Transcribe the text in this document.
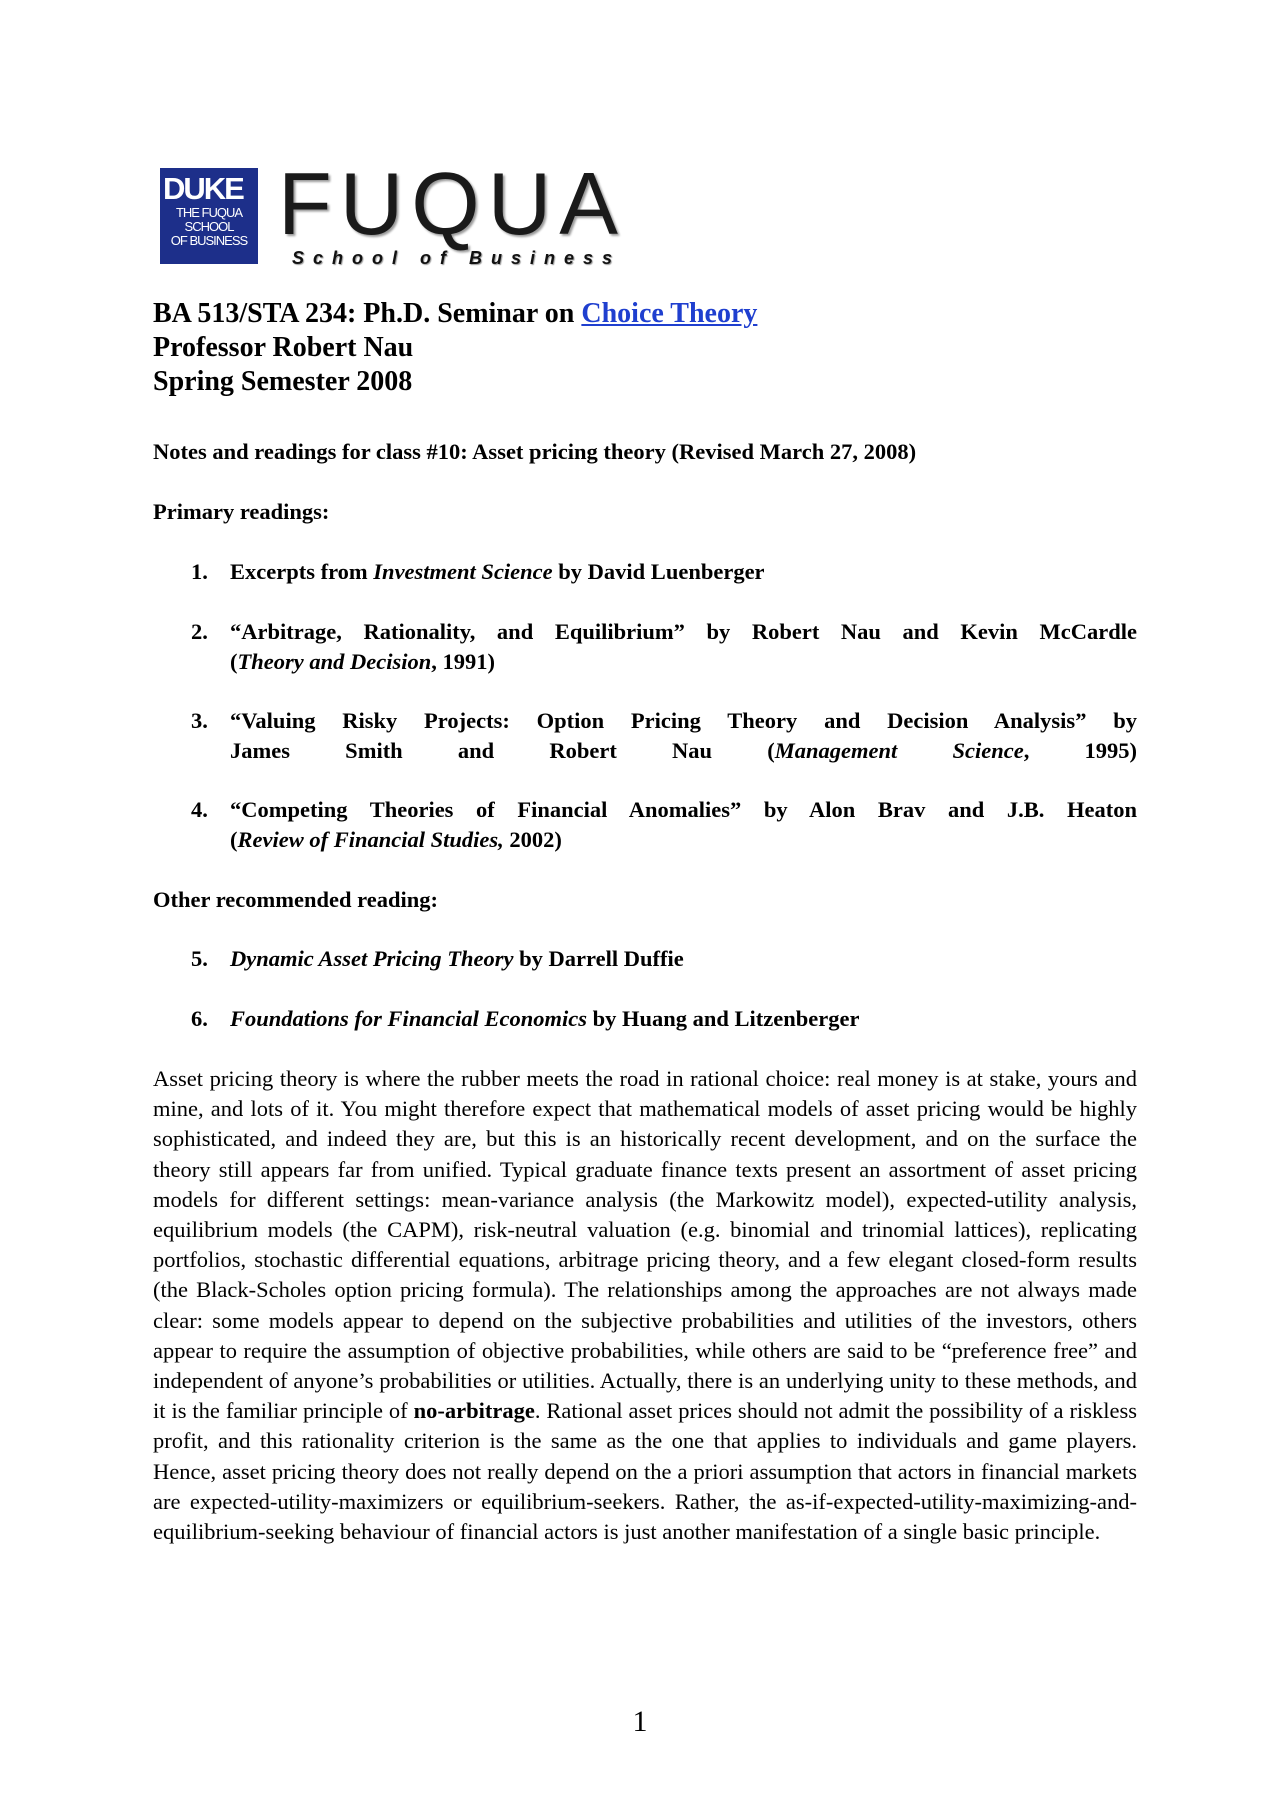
DUKE
THE FUQUA
SCHOOL
OF BUSINESS FUQUA
School of Business
BA 513/STA 234: Ph.D. Seminar on Choice Theory
Professor Robert Nau
Spring Semester 2008
Notes and readings for class #10: Asset pricing theory (Revised March 27, 2008)
Primary readings:
1. Excerpts from Investment Science by David Luenberger
2. “Arbitrage, Rationality, and Equilibrium” by Robert Nau and Kevin McCardle
(Theory and Decision, 1991)
3. “Valuing Risky Projects: Option Pricing Theory and Decision Analysis” by
James Smith and Robert Nau (Management Science, 1995)
4. “Competing Theories of Financial Anomalies” by Alon Brav and J.B. Heaton
(Review of Financial Studies, 2002)
Other recommended reading:
5. Dynamic Asset Pricing Theory by Darrell Duffie
6. Foundations for Financial Economics by Huang and Litzenberger
Asset pricing theory is where the rubber meets the road in rational choice: real money is at stake, yours and mine, and lots of it. You might therefore expect that mathematical models of asset pricing would be highly sophisticated, and indeed they are, but this is an historically recent development, and on the surface the theory still appears far from unified. Typical graduate finance texts present an assortment of asset pricing models for different settings: mean-variance analysis (the Markowitz model), expected-utility analysis, equilibrium models (the CAPM), risk-neutral valuation (e.g. binomial and trinomial lattices), replicating portfolios, stochastic differential equations, arbitrage pricing theory, and a few elegant closed-form results (the Black-Scholes option pricing formula). The relationships among the approaches are not always made clear: some models appear to depend on the subjective probabilities and utilities of the investors, others appear to require the assumption of objective probabilities, while others are said to be “preference free” and independent of anyone’s probabilities or utilities. Actually, there is an underlying unity to these methods, and it is the familiar principle of no-arbitrage. Rational asset prices should not admit the possibility of a riskless profit, and this rationality criterion is the same as the one that applies to individuals and game players. Hence, asset pricing theory does not really depend on the a priori assumption that actors in financial markets are expected-utility-maximizers or equilibrium-seekers. Rather, the as-if-expected-utility-maximizing-and-equilibrium-seeking behaviour of financial actors is just another manifestation of a single basic principle.
1
